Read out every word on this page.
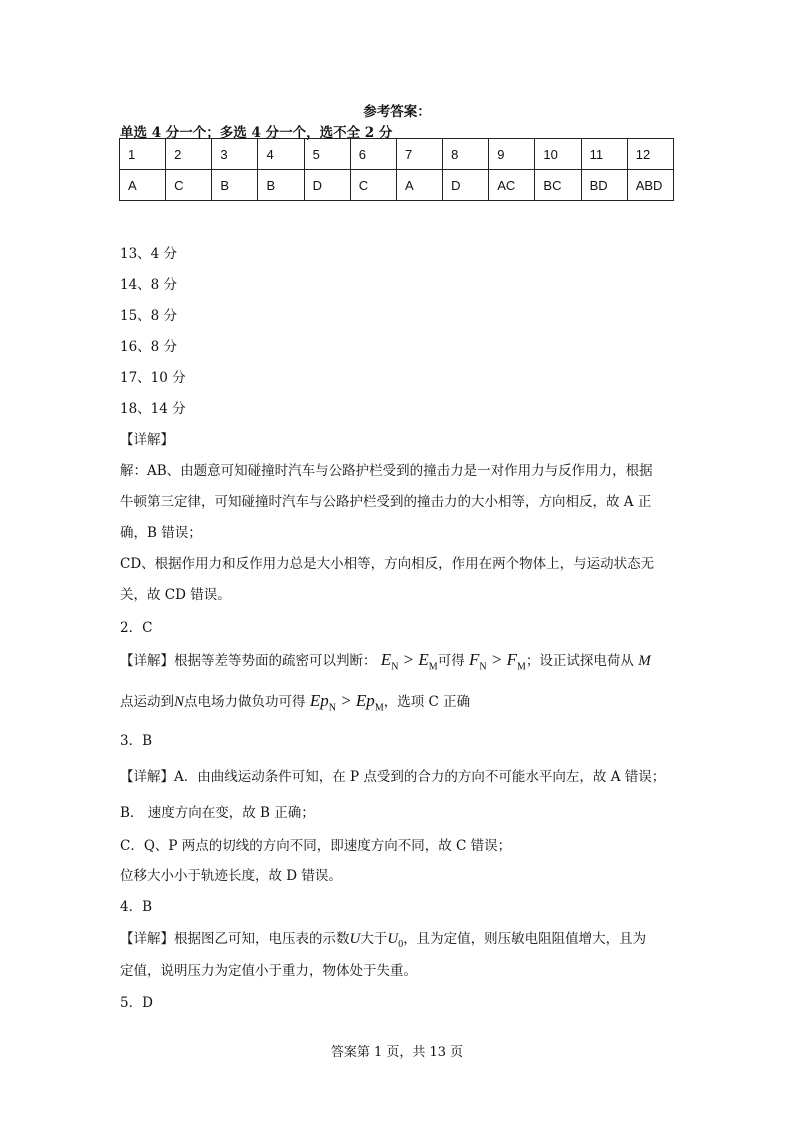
参考答案：
单选 4 分一个；多选 4 分一个，选不全 2 分
1	2	3	4	5	6	7	8	9	10	11	12
A	C	B	B	D	C	A	D	AC	BC	BD	ABD
13、4 分
14、8 分
15、8 分
16、8 分
17、10 分
18、14 分
【详解】
解：AB、由题意可知碰撞时汽车与公路护栏受到的撞击力是一对作用力与反作用力，根据
牛顿第三定律，可知碰撞时汽车与公路护栏受到的撞击力的大小相等，方向相反，故 A 正
确，B 错误；
CD、根据作用力和反作用力总是大小相等，方向相反，作用在两个物体上，与运动状态无
关，故 CD 错误。
2．C
【详解】根据等差等势面的疏密可以判断： $E_N > E_M$可得 $F_N > F_M$；设正试探电荷从 M
点运动到N点电场力做负功可得 $Ep_N > Ep_M$，选项 C 正确
3．B
【详解】A．由曲线运动条件可知，在 P 点受到的合力的方向不可能水平向左，故 A 错误；
B． 速度方向在变，故 B 正确；
C．Q、P 两点的切线的方向不同，即速度方向不同，故 C 错误；
位移大小小于轨迹长度，故 D 错误。
4．B
【详解】根据图乙可知，电压表的示数U大于$U_0$，且为定值，则压敏电阻阻值增大，且为
定值，说明压力为定值小于重力，物体处于失重。
5．D
答案第 1 页，共 13 页
